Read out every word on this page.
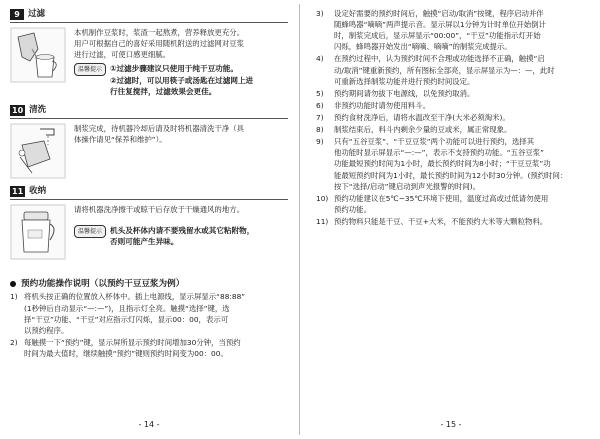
9 过滤

本机制作豆浆时，浆渣一起熬煮，营养释放更充分。

用户可根据自己的喜好采用随机附送的过滤网对豆浆

进行过滤，可使口感更细腻。

温馨提示	①过滤步骤建议只使用于纯干豆功能。
②过滤时，可以用筷子或汤匙在过滤网上进
行往复搅拌，过滤效果会更佳。
10 清洗

制浆完成，待机器冷却后请及时将机器清洗干净（具

体操作请见“保养和维护”）。

11 收纳

请将机器洗净擦干或晾干后存放于干燥通风的地方。

温馨提示	机头及杯体内请不要残留水或其它粘附物，
否则可能产生异味。
预约功能操作说明（以预约干豆豆浆为例）
1) 将机头按正确的位置放入杯体中。插上电源线，显示屏显示“88:88”
(1秒钟后自动显示“—:—”)，且指示灯全亮。触摸“选择”键，选
择“干豆”功能、“干豆”对应指示灯闪烁，显示00：00，表示可
以预约程序。
2) 每触摸一下“预约”键，显示屏所显示预约时间增加30分钟，当预约
时间为最大值时，继续触摸“预约”键则预约时间变为00：00。
- 14 -
3)	设定好需要的预约时间后，触摸“启动/取消”按键，程序启动并伴
随蜂鸣器“嘀嘀”两声提示音。显示屏以1分钟为计时单位开始倒计
时，制浆完成后，显示屏显示“00:00”，“干豆”功能指示灯开始
闪烁，蜂鸣器开始发出“嘀嘀、嘀嘀”的制浆完成提示。
4)	在预约过程中，认为预约时间不合理或功能选择不正确，触摸“启
动/取消”键重新预约，所有图标全部亮，显示屏显示为—：—，此时
可重新选择制浆功能并进行预约时间设定。
5)	预约期间请勿拔下电源线，以免预约取消。
6)	非预约功能时请勿使用料斗。
7)	预约食材洗净后，请将水温改至干净(大米必须淘米)。
8)	制浆结束后，料斗内剩余少量的豆或米，属正常现象。
9)	只有“五谷豆浆”、“干豆豆浆”两个功能可以进行预约，选择其
他功能时显示屏显示“—:—”，表示不支持预约功能。“五谷豆浆”
功能最短预约时间为1小时，最长预约时间为8小时；“干豆豆浆”功
能最短预约时间为1小时，最长预约时间为12小时30分钟。(预约时间：
按下“选择/启动”键启动到声光报警的时间)。
10) 预约功能建议在5℃~35℃环境下使用，温度过高或过低请勿使用
预约功能。
11) 预约物料只能是干豆、干豆+大米，不能预约大米等大颗粒物料。
- 15 -
